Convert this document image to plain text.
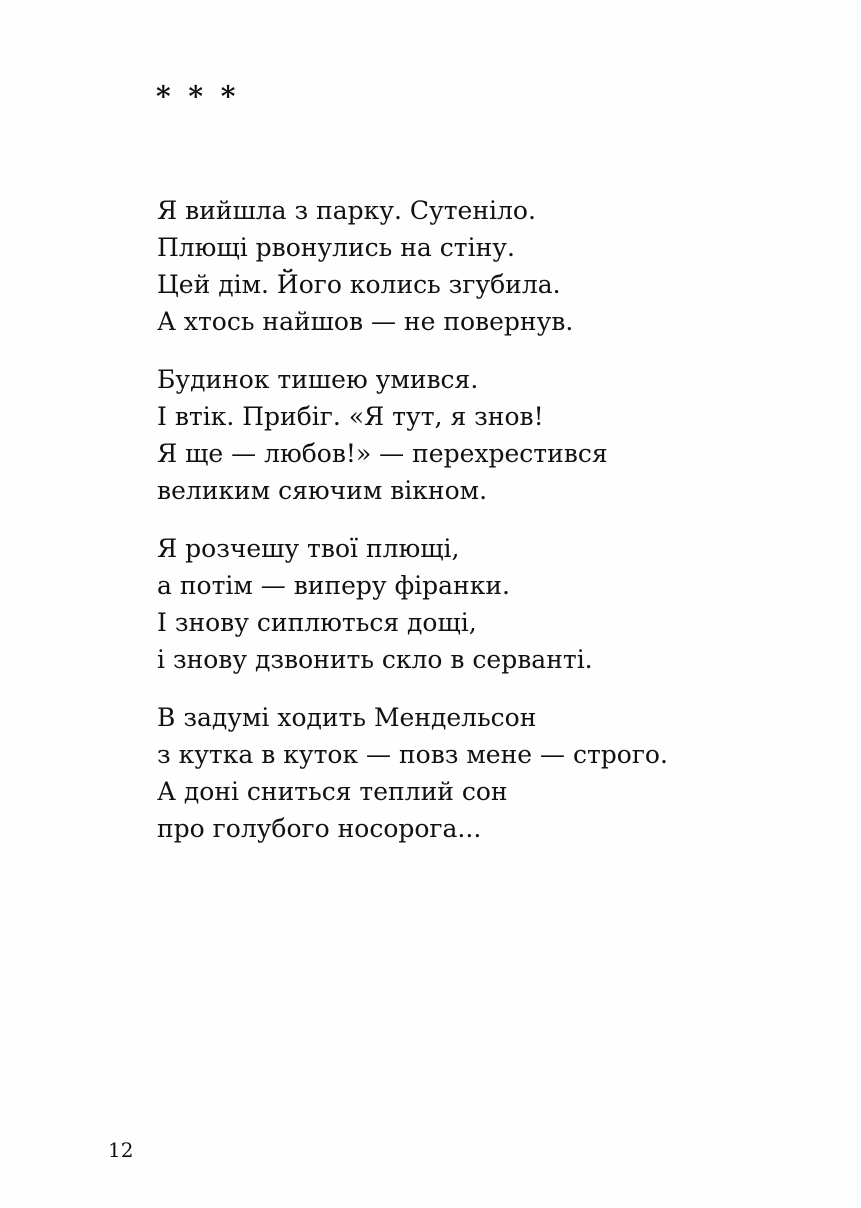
* * *
Я вийшла з парку. Сутеніло.
Плющі рвонулись на стіну.
Цей дім. Його колись згубила.
А хтось найшов — не повернув.
Будинок тишею умився.
І втік. Прибіг. «Я тут, я знов!
Я ще — любов!» — перехрестився
великим сяючим вікном.
Я розчешу твої плющі,
а потім — виперу фіранки.
І знову сиплються дощі,
і знову дзвонить скло в серванті.
В задумі ходить Мендельсон
з кутка в куток — повз мене — строго.
А доні сниться теплий сон
про голубого носорога...
12
